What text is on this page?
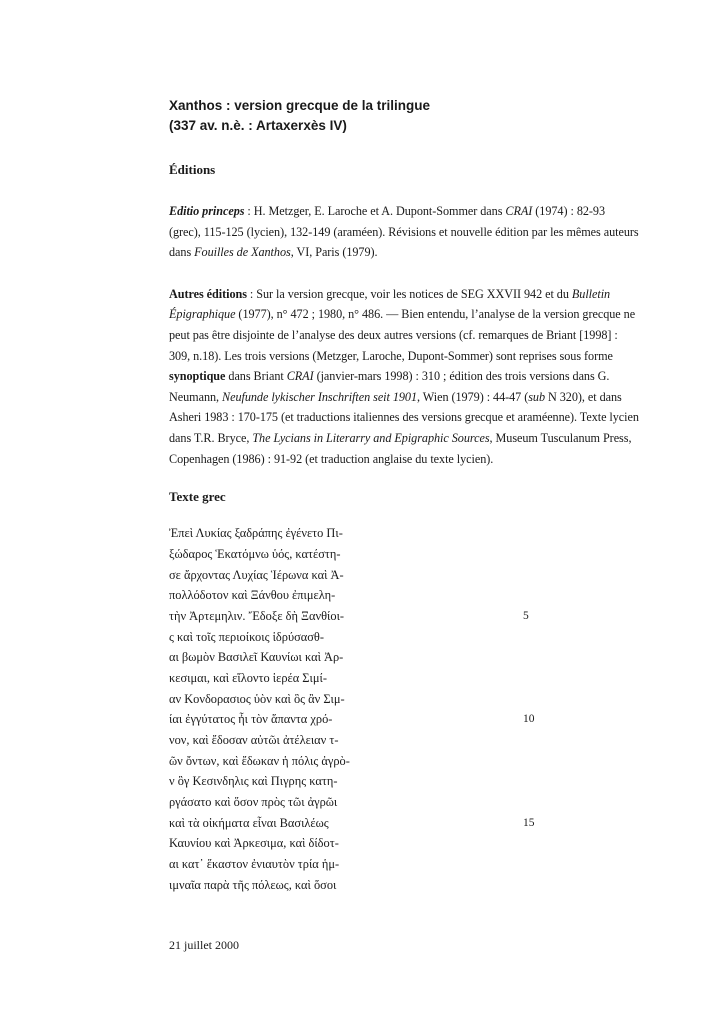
Xanthos : version grecque de la trilingue
(337 av. n.è. : Artaxerxès IV)
Éditions

Editio princeps : H. Metzger, E. Laroche et A. Dupont-Sommer dans CRAI (1974) : 82-93 (grec), 115-125 (lycien), 132-149 (araméen). Révisions et nouvelle édition par les mêmes auteurs dans Fouilles de Xanthos, VI, Paris (1979).

Autres éditions : Sur la version grecque, voir les notices de SEG XXVII 942 et du Bulletin Épigraphique (1977), n° 472 ; 1980, n° 486. — Bien entendu, l’analyse de la version grecque ne peut pas être disjointe de l’analyse des deux autres versions (cf. remarques de Briant [1998] : 309, n.18). Les trois versions (Metzger, Laroche, Dupont-Sommer) sont reprises sous forme synoptique dans Briant CRAI (janvier-mars 1998) : 310 ; édition des trois versions dans G. Neumann, Neufunde lykischer Inschriften seit 1901, Wien (1979) : 44-47 (sub N 320), et dans Asheri 1983 : 170-175 (et traductions italiennes des versions grecque et araméenne). Texte lycien dans T.R. Bryce, The Lycians in Literarry and Epigraphic Sources, Museum Tusculanum Press, Copenhagen (1986) : 91-92 (et traduction anglaise du texte lycien).

Texte grec
Ἐπεὶ Λυκίας ξαδράπης ἐγένετο Πι-
ξώδαρος Ἑκατόμνω ὑός, κατέστη-
σε ἄρχοντας Λυχίας Ἱέρωνα καὶ Ἀ-
πολλόδοτον καὶ Ξάνθου ἐπιμελη-
τὴν Ἀρτεμηλιν. Ἔδοξε δὴ Ξανθίοι-	5
ς καὶ τοῖς περιοίκοις ἱδρύσασθ-
αι βωμὸν Βασιλεῖ Καυνίωι καὶ Ἀρ-
κεσιμαι, καὶ εἵλοντο ἱερέα Σιμί-
αν Κονδορασιος ὑὸν καὶ ὃς ἂν Σιμ-
ίαι ἐγγύτατος ἦι τὸν ἅπαντα χρό-	10
νον, καὶ ἔδοσαν αὐτῶι ἀτέλειαν τ-
ῶν ὄντων, καὶ ἔδωκαν ἡ πόλις ἀγρὸ-
ν ὃγ Κεσινδηλις καὶ Πιγρης κατη-
ργάσατο καὶ ὅσον πρὸς τῶι ἀγρῶι
καὶ τὰ οἰκήματα εἶναι Βασιλέως	15
Καυνίου καὶ Ἀρκεσιμα, καὶ δίδοτ-
αι κατ᾽ ἕκαστον ἐνιαυτὸν τρία ἡμ-
ιμναῖα παρὰ τῆς πόλεως, καὶ ὅσοι
21 juillet 2000
